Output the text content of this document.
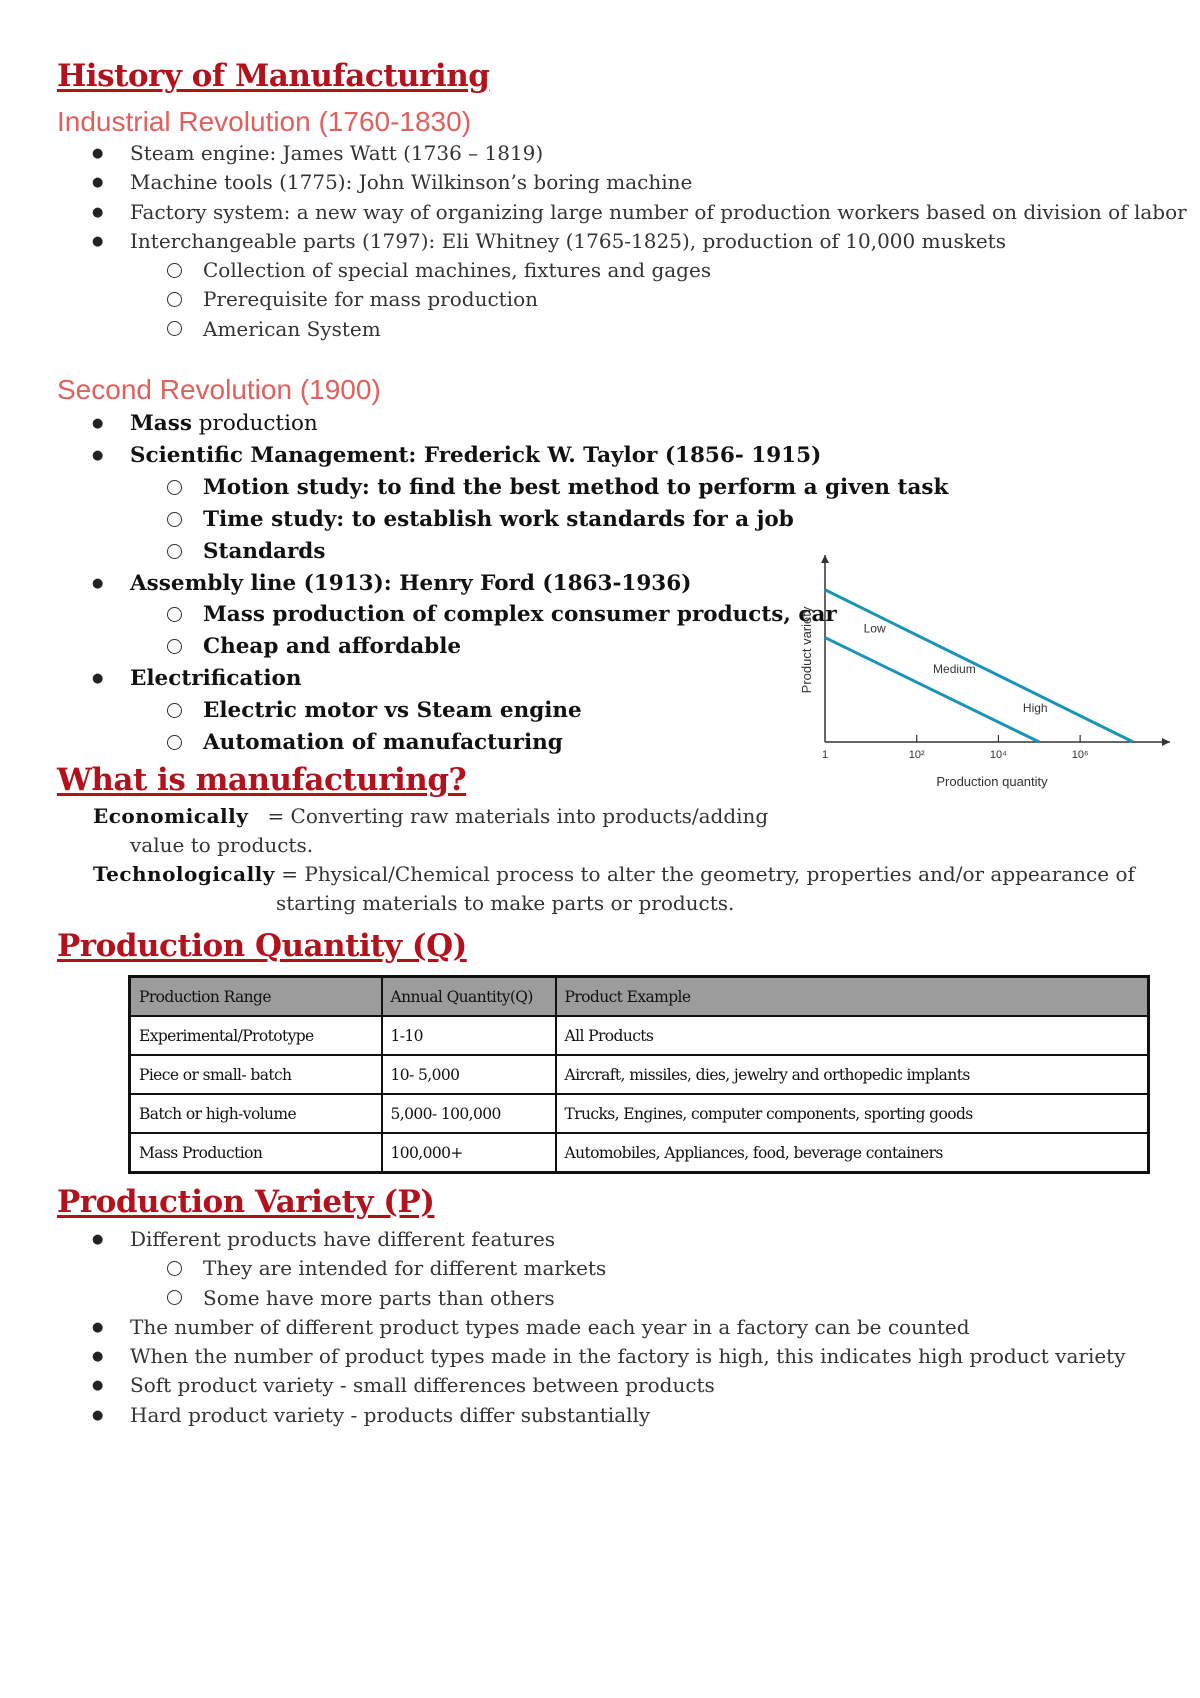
History of Manufacturing
Industrial Revolution (1760-1830)
● Steam engine: James Watt (1736 – 1819)
● Machine tools (1775): John Wilkinson’s boring machine
● Factory system: a new way of organizing large number of production workers based on division of labor
● Interchangeable parts (1797): Eli Whitney (1765-1825), production of 10,000 muskets
Collection of special machines, fixtures and gages
Prerequisite for mass production
American System
Second Revolution (1900)
● Mass production
● Scientific Management: Frederick W. Taylor (1856- 1915)
Motion study: to find the best method to perform a given task
Time study: to establish work standards for a job
Standards
● Assembly line (1913): Henry Ford (1863-1936)
Mass production of complex consumer products, car
Cheap and affordable
● Electrification
Electric motor vs Steam engine
Automation of manufacturing	1	10²	10⁴	10⁶
Low
Medium
High
Product variety
Production quantity
What is manufacturing?
Economically = Converting raw materials into products/adding
value to products.
Technologically = Physical/Chemical process to alter the geometry, properties and/or appearance of
starting materials to make parts or products.
Production Quantity (Q)
Production Range	Annual Quantity(Q)	Product Example
Experimental/Prototype	1-10	All Products
Piece or small- batch	10- 5,000	Aircraft, missiles, dies, jewelry and orthopedic implants
Batch or high-volume	5,000- 100,000	Trucks, Engines, computer components, sporting goods
Mass Production	100,000+	Automobiles, Appliances, food, beverage containers
Production Variety (P)
● Different products have different features
They are intended for different markets
Some have more parts than others
● The number of different product types made each year in a factory can be counted
● When the number of product types made in the factory is high, this indicates high product variety
● Soft product variety - small differences between products
● Hard product variety - products differ substantially
